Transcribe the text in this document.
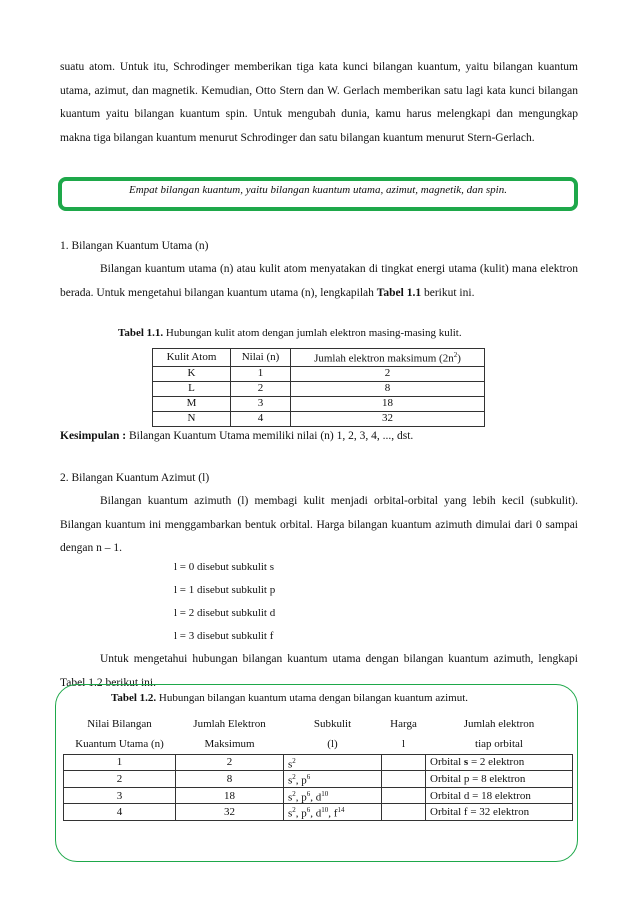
suatu atom. Untuk itu, Schrodinger memberikan tiga kata kunci bilangan kuantum, yaitu bilangan kuantum utama, azimut, dan magnetik. Kemudian, Otto Stern dan W. Gerlach memberikan satu lagi kata kunci bilangan kuantum yaitu bilangan kuantum spin. Untuk mengubah dunia, kamu harus melengkapi dan mengungkap makna tiga bilangan kuantum menurut Schrodinger dan satu bilangan kuantum menurut Stern-Gerlach.

Empat bilangan kuantum, yaitu bilangan kuantum utama, azimut, magnetik, dan spin.
1. Bilangan Kuantum Utama (n)

Bilangan kuantum utama (n) atau kulit atom menyatakan di tingkat energi utama (kulit) mana elektron berada. Untuk mengetahui bilangan kuantum utama (n), lengkapilah Tabel 1.1 berikut ini.

Tabel 1.1. Hubungan kulit atom dengan jumlah elektron masing-masing kulit.
Kulit Atom	Nilai (n)	Jumlah elektron maksimum $(2n^2)$
K	1	2
L	2	8
M	3	18
N	4	32
Kesimpulan : Bilangan Kuantum Utama memiliki nilai (n) 1, 2, 3, 4, ..., dst.
2. Bilangan Kuantum Azimut (l)

Bilangan kuantum azimuth (l) membagi kulit menjadi orbital-orbital yang lebih kecil (subkulit). Bilangan kuantum ini menggambarkan bentuk orbital. Harga bilangan kuantum azimuth dimulai dari 0 sampai dengan n – 1.

l = 0 disebut subkulit s
l = 1 disebut subkulit p
l = 2 disebut subkulit d
l = 3 disebut subkulit f

Untuk mengetahui hubungan bilangan kuantum utama dengan bilangan kuantum azimuth, lengkapi Tabel 1.2 berikut ini.

Tabel 1.2. Hubungan bilangan kuantum utama dengan bilangan kuantum azimut.
Nilai Bilangan	Jumlah Elektron	Subkulit	Harga	Jumlah elektron
Kuantum Utama (n)	Maksimum	(l)	l	tiap orbital
1	2	$s^2$		Orbital s = 2 elektron
2	8	$s^2$, $p^6$		Orbital p = 8 elektron
3	18	$s^2$, $p^6$, $d^{10}$		Orbital d = 18 elektron
4	32	$s^2$, $p^6$, $d^{10}$, $f^{14}$		Orbital f = 32 elektron
